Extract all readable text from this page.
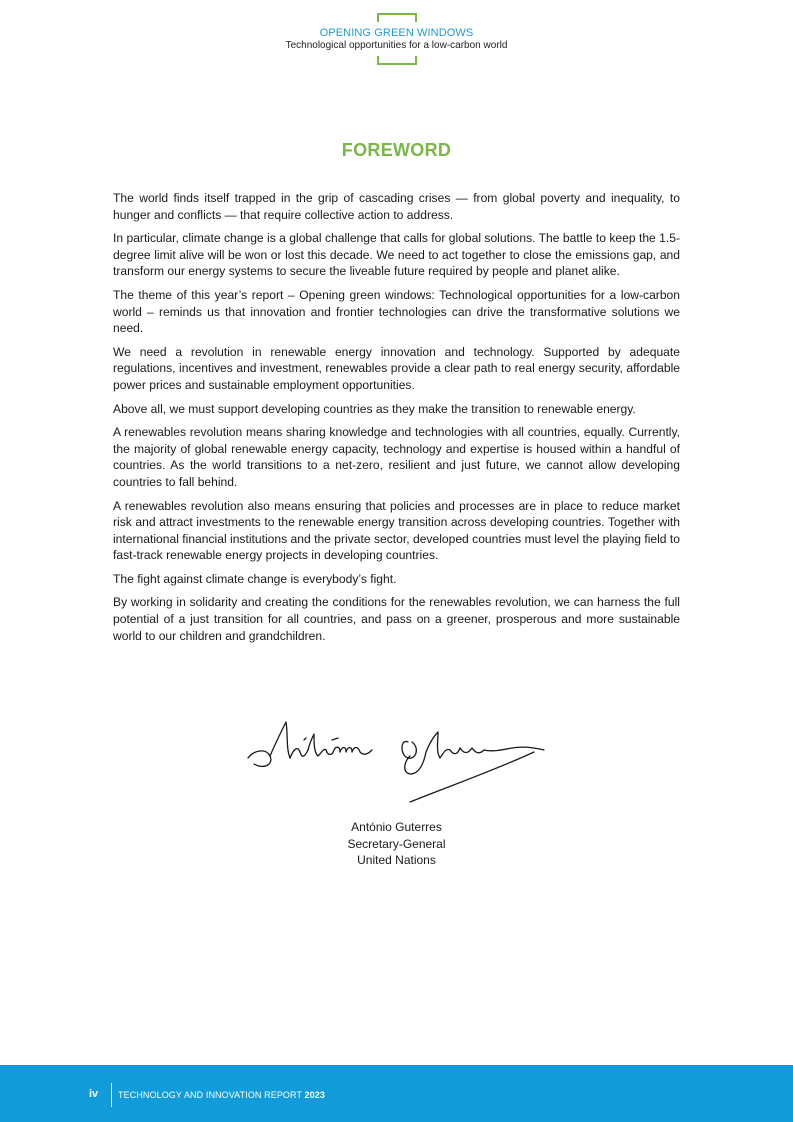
OPENING GREEN WINDOWS
Technological opportunities for a low-carbon world
FOREWORD

The world finds itself trapped in the grip of cascading crises — from global poverty and inequality, to hunger and conflicts — that require collective action to address.

In particular, climate change is a global challenge that calls for global solutions. The battle to keep the 1.5-degree limit alive will be won or lost this decade. We need to act together to close the emissions gap, and transform our energy systems to secure the liveable future required by people and planet alike.

The theme of this year’s report – Opening green windows: Technological opportunities for a low-carbon world – reminds us that innovation and frontier technologies can drive the transformative solutions we need.

We need a revolution in renewable energy innovation and technology. Supported by adequate regulations, incentives and investment, renewables provide a clear path to real energy security, affordable power prices and sustainable employment opportunities.

Above all, we must support developing countries as they make the transition to renewable energy.

A renewables revolution means sharing knowledge and technologies with all countries, equally. Currently, the majority of global renewable energy capacity, technology and expertise is housed within a handful of countries. As the world transitions to a net-zero, resilient and just future, we cannot allow developing countries to fall behind.

A renewables revolution also means ensuring that policies and processes are in place to reduce market risk and attract investments to the renewable energy transition across developing countries. Together with international financial institutions and the private sector, developed countries must level the playing field to fast-track renewable energy projects in developing countries.

The fight against climate change is everybody’s fight.

By working in solidarity and creating the conditions for the renewables revolution, we can harness the full potential of a just transition for all countries, and pass on a greener, prosperous and more sustainable world to our children and grandchildren.

António Guterres
Secretary-General
United Nations
iv TECHNOLOGY AND INNOVATION REPORT 2023
